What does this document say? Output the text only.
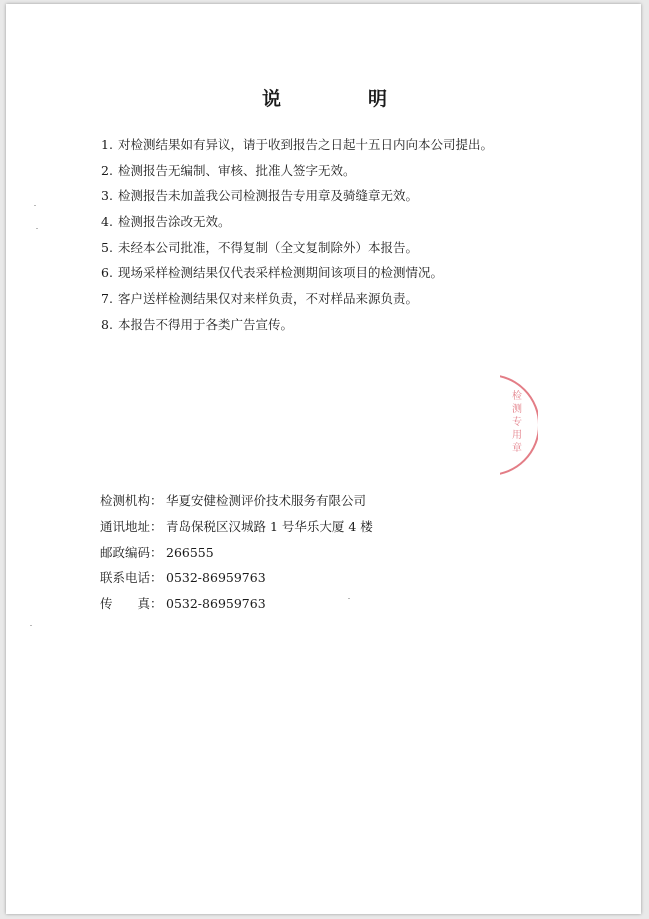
说　明
1. 对检测结果如有异议，请于收到报告之日起十五日内向本公司提出。
2. 检测报告无编制、审核、批准人签字无效。
3. 检测报告未加盖我公司检测报告专用章及骑缝章无效。
4. 检测报告涂改无效。
5. 未经本公司批准，不得复制（全文复制除外）本报告。
6. 现场采样检测结果仅代表采样检测期间该项目的检测情况。
7. 客户送样检测结果仅对来样负责，不对样品来源负责。
8. 本报告不得用于各类广告宣传。
检测专用章
检测机构： 华夏安健检测评价技术服务有限公司
通讯地址： 青岛保税区汉城路 1 号华乐大厦 4 楼
邮政编码： 266555
联系电话： 0532-86959763
传　　真： 0532-86959763
